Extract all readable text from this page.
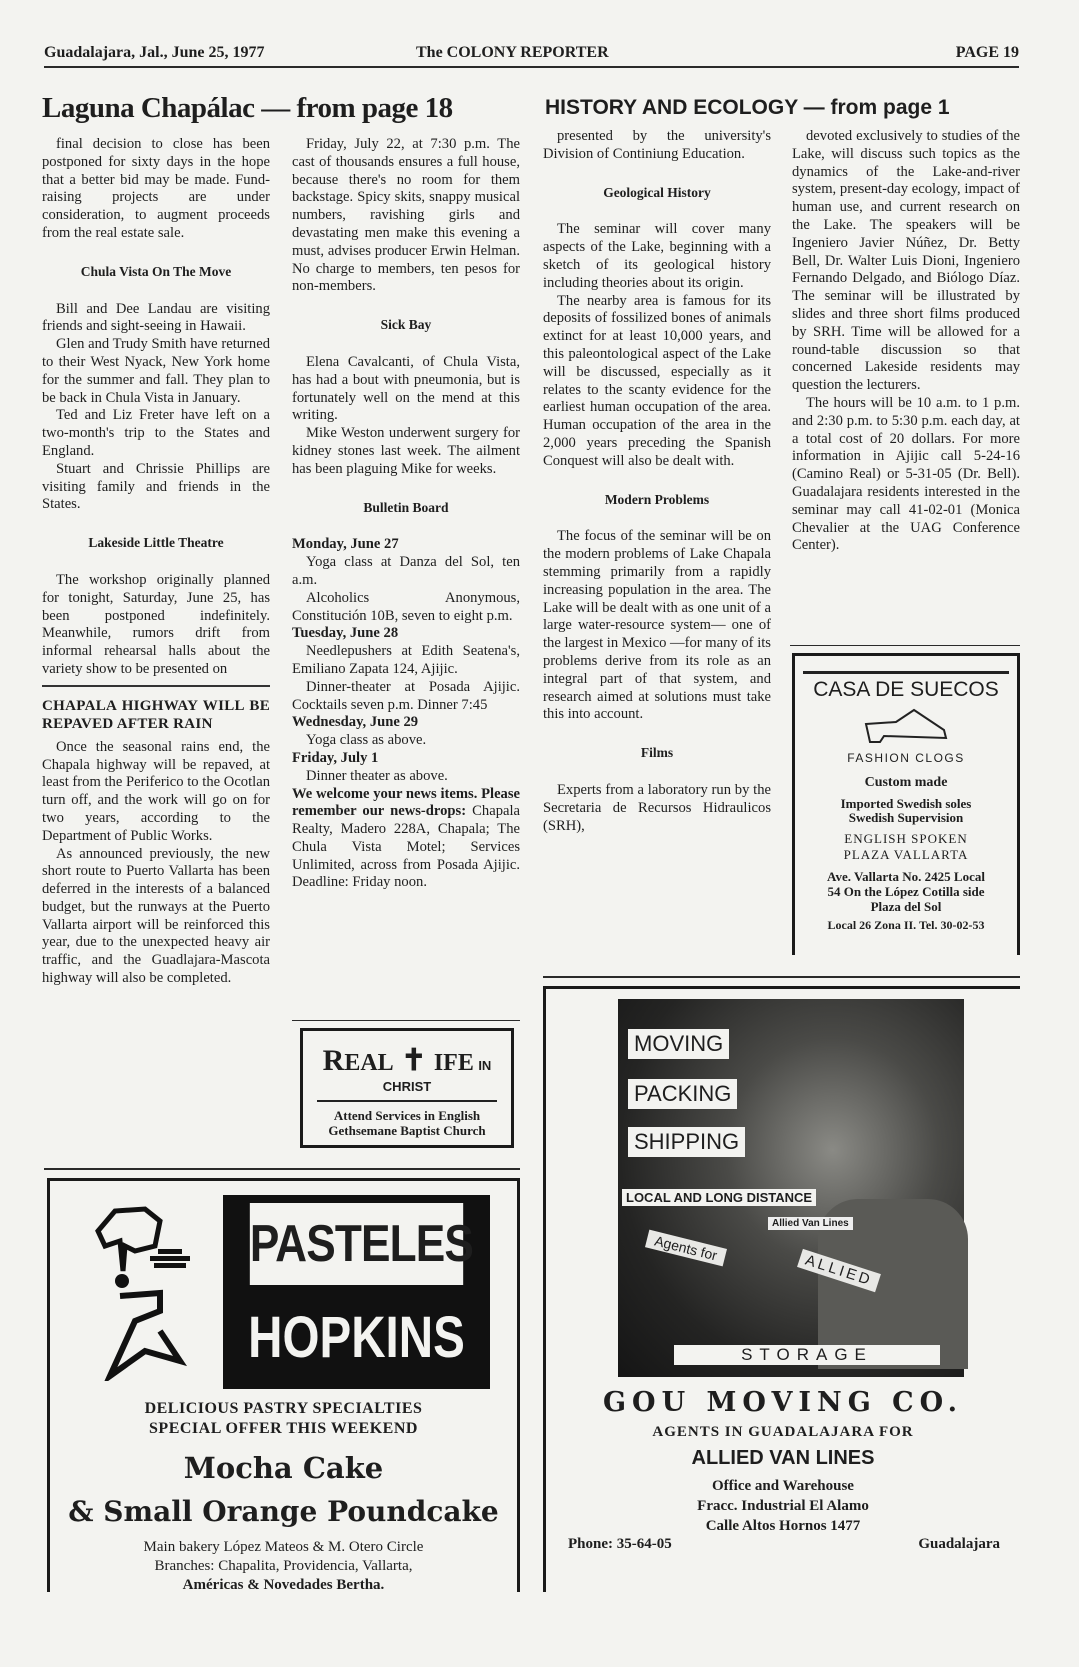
Guadalajara, Jal., June 25, 1977	The COLONY REPORTER	PAGE 19
Laguna Chapálac — from page 18	HISTORY AND ECOLOGY — from page 1

final decision to close has been postponed for sixty days in the hope that a better bid may be made. Fund-raising projects are under consideration, to augment proceeds from the real estate sale.

Chula Vista On The Move

Bill and Dee Landau are visiting friends and sight-seeing in Hawaii.

Glen and Trudy Smith have returned to their West Nyack, New York home for the summer and fall. They plan to be back in Chula Vista in January.

Ted and Liz Freter have left on a two-month's trip to the States and England.

Stuart and Chrissie Phillips are visiting family and friends in the States.

Lakeside Little Theatre

The workshop originally planned for tonight, Saturday, June 25, has been postponed indefinitely. Meanwhile, rumors drift from informal rehearsal halls about the variety show to be presented on

CHAPALA HIGHWAY WILL BE REPAVED AFTER RAIN

Once the seasonal rains end, the Chapala highway will be repaved, at least from the Periferico to the Ocotlan turn off, and the work will go on for two years, according to the Department of Public Works.

As announced previously, the new short route to Puerto Vallarta has been deferred in the interests of a balanced budget, but the runways at the Puerto Vallarta airport will be reinforced this year, due to the unexpected heavy air traffic, and the Guadlajara-Mascota highway will also be completed.

Friday, July 22, at 7:30 p.m. The cast of thousands ensures a full house, because there's no room for them backstage. Spicy skits, snappy musical numbers, ravishing girls and devastating men make this evening a must, advises producer Erwin Helman. No charge to members, ten pesos for non-members.

Sick Bay

Elena Cavalcanti, of Chula Vista, has had a bout with pneumonia, but is fortunately well on the mend at this writing.

Mike Weston underwent surgery for kidney stones last week. The ailment has been plaguing Mike for weeks.

Bulletin Board
Monday, June 27

Yoga class at Danza del Sol, ten a.m.

Alcoholics Anonymous, Constitución 10B, seven to eight p.m.

Tuesday, June 28

Needlepushers at Edith Seatena's, Emiliano Zapata 124, Ajijic.

Dinner-theater at Posada Ajijic. Cocktails seven p.m. Dinner 7:45

Wednesday, June 29

Yoga class as above.

Friday, July 1

Dinner theater as above.

We welcome your news items. Please remember our news-drops: Chapala Realty, Madero 228A, Chapala; The Chula Vista Motel; Services Unlimited, across from Posada Ajijic. Deadline: Friday noon.

presented by the university's Division of Continiung Education.

Geological History

The seminar will cover many aspects of the Lake, beginning with a sketch of its geological history including theories about its origin.

The nearby area is famous for its deposits of fossilized bones of animals extinct for at least 10,000 years, and this paleontological aspect of the Lake will be discussed, especially as it relates to the scanty evidence for the earliest human occupation of the area. Human occupation of the area in the 2,000 years preceding the Spanish Conquest will also be dealt with.

Modern Problems

The focus of the seminar will be on the modern problems of Lake Chapala stemming primarily from a rapidly increasing population in the area. The Lake will be dealt with as one unit of a large water-resource system— one of the largest in Mexico —for many of its problems derive from its role as an integral part of that system, and research aimed at solutions must take this into account.

Films

Experts from a laboratory run by the Secretaria de Recursos Hidraulicos (SRH),

devoted exclusively to studies of the Lake, will discuss such topics as the dynamics of the Lake-and-river system, present-day ecology, impact of human use, and current research on the Lake. The speakers will be Ingeniero Javier Núñez, Dr. Betty Bell, Dr. Walter Luis Dioni, Ingeniero Fernando Delgado, and Biólogo Díaz. The seminar will be illustrated by slides and three short films produced by SRH. Time will be allowed for a round-table discussion so that concerned Lakeside residents may question the lecturers.

The hours will be 10 a.m. to 1 p.m. and 2:30 p.m. to 5:30 p.m. each day, at a total cost of 20 dollars. For more information in Ajijic call 5-24-16 (Camino Real) or 5-31-05 (Dr. Bell). Guadalajara residents interested in the seminar may call 41-02-01 (Monica Chevalier at the UAG Conference Center).

REAL ✝ IFE IN CHRIST
Attend Services in English
Gethsemane Baptist Church
CASA DE SUECOS
FASHION CLOGS
Custom made
Imported Swedish soles
Swedish Supervision
ENGLISH SPOKEN
PLAZA VALLARTA
Ave. Vallarta No. 2425 Local
54 On the López Cotilla side
Plaza del Sol
Local 26 Zona II. Tel. 30-02-53
PASTELES
HOPKINS
DELICIOUS PASTRY SPECIALTIES
SPECIAL OFFER THIS WEEKEND
Mocha Cake
& Small Orange Poundcake
Main bakery López Mateos & M. Otero Circle
Branches: Chapalita, Providencia, Vallarta,
Américas & Novedades Bertha.
MOVING
PACKING
SHIPPING
LOCAL AND LONG DISTANCE
Allied Van Lines
Agents for
ALLIED
STORAGE
GOU MOVING CO.
AGENTS IN GUADALAJARA FOR
ALLIED VAN LINES
Office and Warehouse
Fracc. Industrial El Alamo
Calle Altos Hornos 1477
Phone: 35-64-05	Guadalajara
